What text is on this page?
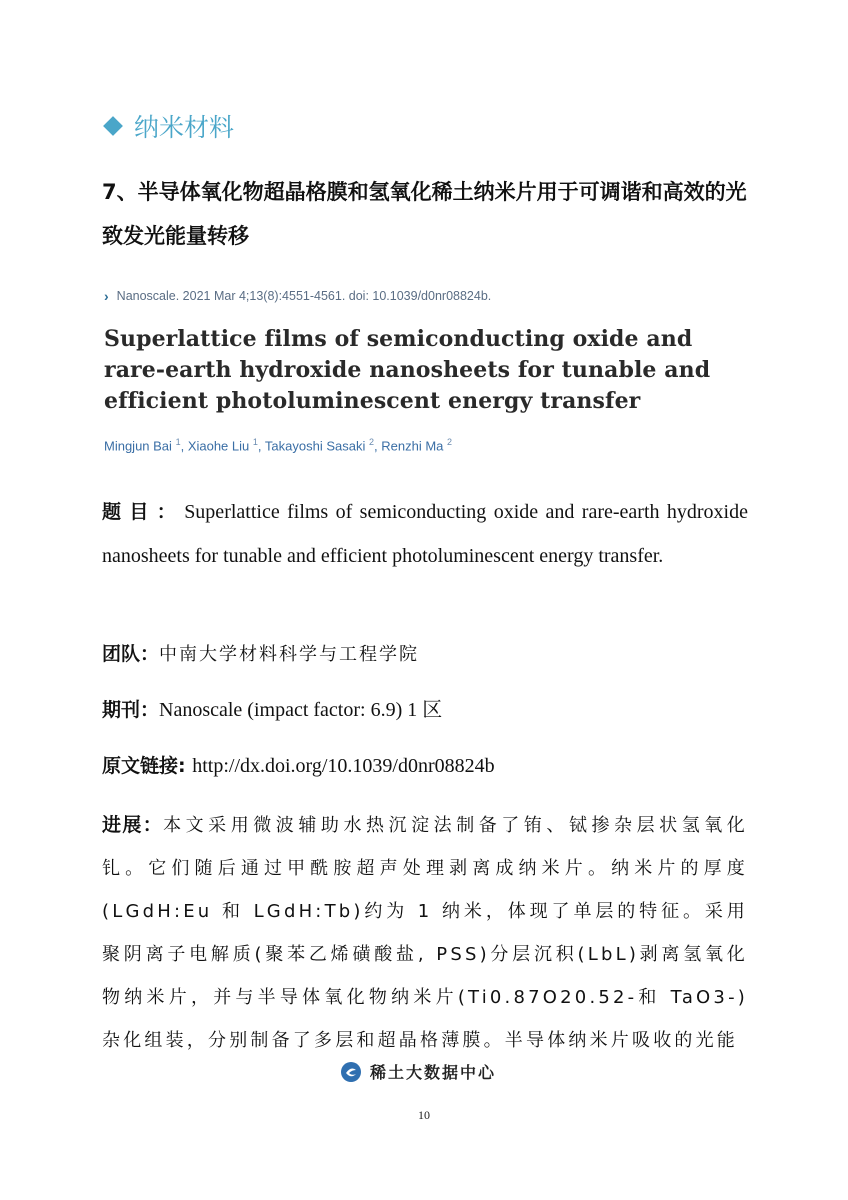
纳米材料
7、半导体氧化物超晶格膜和氢氧化稀土纳米片用于可调谐和高效的光致发光能量转移
› Nanoscale. 2021 Mar 4;13(8):4551-4561. doi: 10.1039/d0nr08824b.
Superlattice films of semiconducting oxide and rare-earth hydroxide nanosheets for tunable and efficient photoluminescent energy transfer
Mingjun Bai $^1$, Xiaohe Liu $^1$, Takayoshi Sasaki $^2$, Renzhi Ma $^2$

题目：Superlattice films of semiconducting oxide and rare-earth hydroxide nanosheets for tunable and efficient photoluminescent energy transfer.

团队：中南大学材料科学与工程学院

期刊：Nanoscale (impact factor: 6.9) 1 区

原文链接: http://dx.doi.org/10.1039/d0nr08824b

进展：本文采用微波辅助水热沉淀法制备了铕、铽掺杂层状氢氧化钆。它们随后通过甲酰胺超声处理剥离成纳米片。纳米片的厚度(LGdH:Eu 和 LGdH:Tb)约为 1 纳米，体现了单层的特征。采用聚阴离子电解质(聚苯乙烯磺酸盐, PSS)分层沉积(LbL)剥离氢氧化物纳米片，并与半导体氧化物纳米片(Ti0.87O20.52-和 TaO3-)杂化组装，分别制备了多层和超晶格薄膜。半导体纳米片吸收的光能

稀土大数据中心
10
